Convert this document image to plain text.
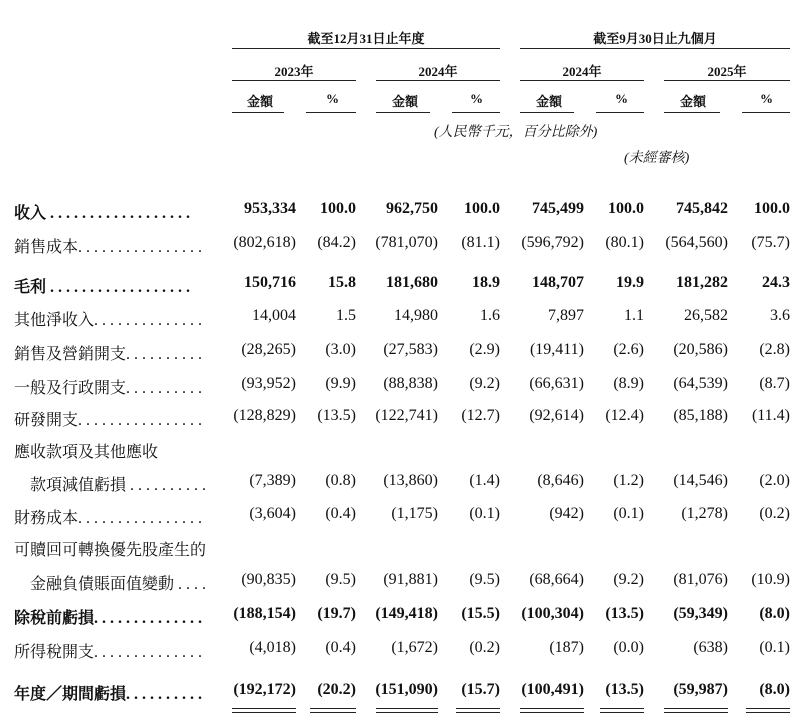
截至12月31日止年度	截至9月30日止九個月
2023年	2024年	2024年	2025年
金額	%	金額	%	金額	%	金額	%
(人民幣千元，百分比除外)
(未經審核)
收入 . . . . . . . . . . . . . . . . . .	953,334 100.0 962,750 100.0 745,499 100.0 745,842 100.0
銷售成本. . . . . . . . . . . . . . . . (802,618) (84.2) (781,070) (81.1) (596,792) (80.1) (564,560) (75.7)
毛利 . . . . . . . . . . . . . . . . . .	150,716 15.8 181,680 18.9 148,707 19.9 181,282 24.3
其他淨收入. . . . . . . . . . . . . .	14,004	1.5 14,980	1.6	7,897	1.1	26,582	3.6
銷售及營銷開支. . . . . . . . . . (28,265) (3.0) (27,583) (2.9) (19,411) (2.6) (20,586) (2.8)
一般及行政開支. . . . . . . . . . (93,952) (9.9) (88,838) (9.2) (66,631) (8.9) (64,539) (8.7)
研發開支. . . . . . . . . . . . . . . . (128,829) (13.5) (122,741) (12.7) (92,614) (12.4) (85,188) (11.4)
應收款項及其他應收
　款項減值虧損 . . . . . . . . . .	(7,389) (0.8) (13,860) (1.4) (8,646) (1.2) (14,546) (2.0)
財務成本. . . . . . . . . . . . . . . .	(3,604) (0.4) (1,175) (0.1)	(942) (0.1) (1,278) (0.2)
可贖回可轉換優先股產生的
　金融負債賬面值變動 . . . . (90,835) (9.5) (91,881) (9.5) (68,664) (9.2) (81,076) (10.9)
除稅前虧損. . . . . . . . . . . . . . (188,154) (19.7) (149,418) (15.5) (100,304) (13.5) (59,349) (8.0)
所得稅開支. . . . . . . . . . . . . .	(4,018) (0.4) (1,672) (0.2)	(187) (0.0)	(638) (0.1)
年度／期間虧損. . . . . . . . . . (192,172) (20.2) (151,090) (15.7) (100,491) (13.5) (59,987) (8.0)
